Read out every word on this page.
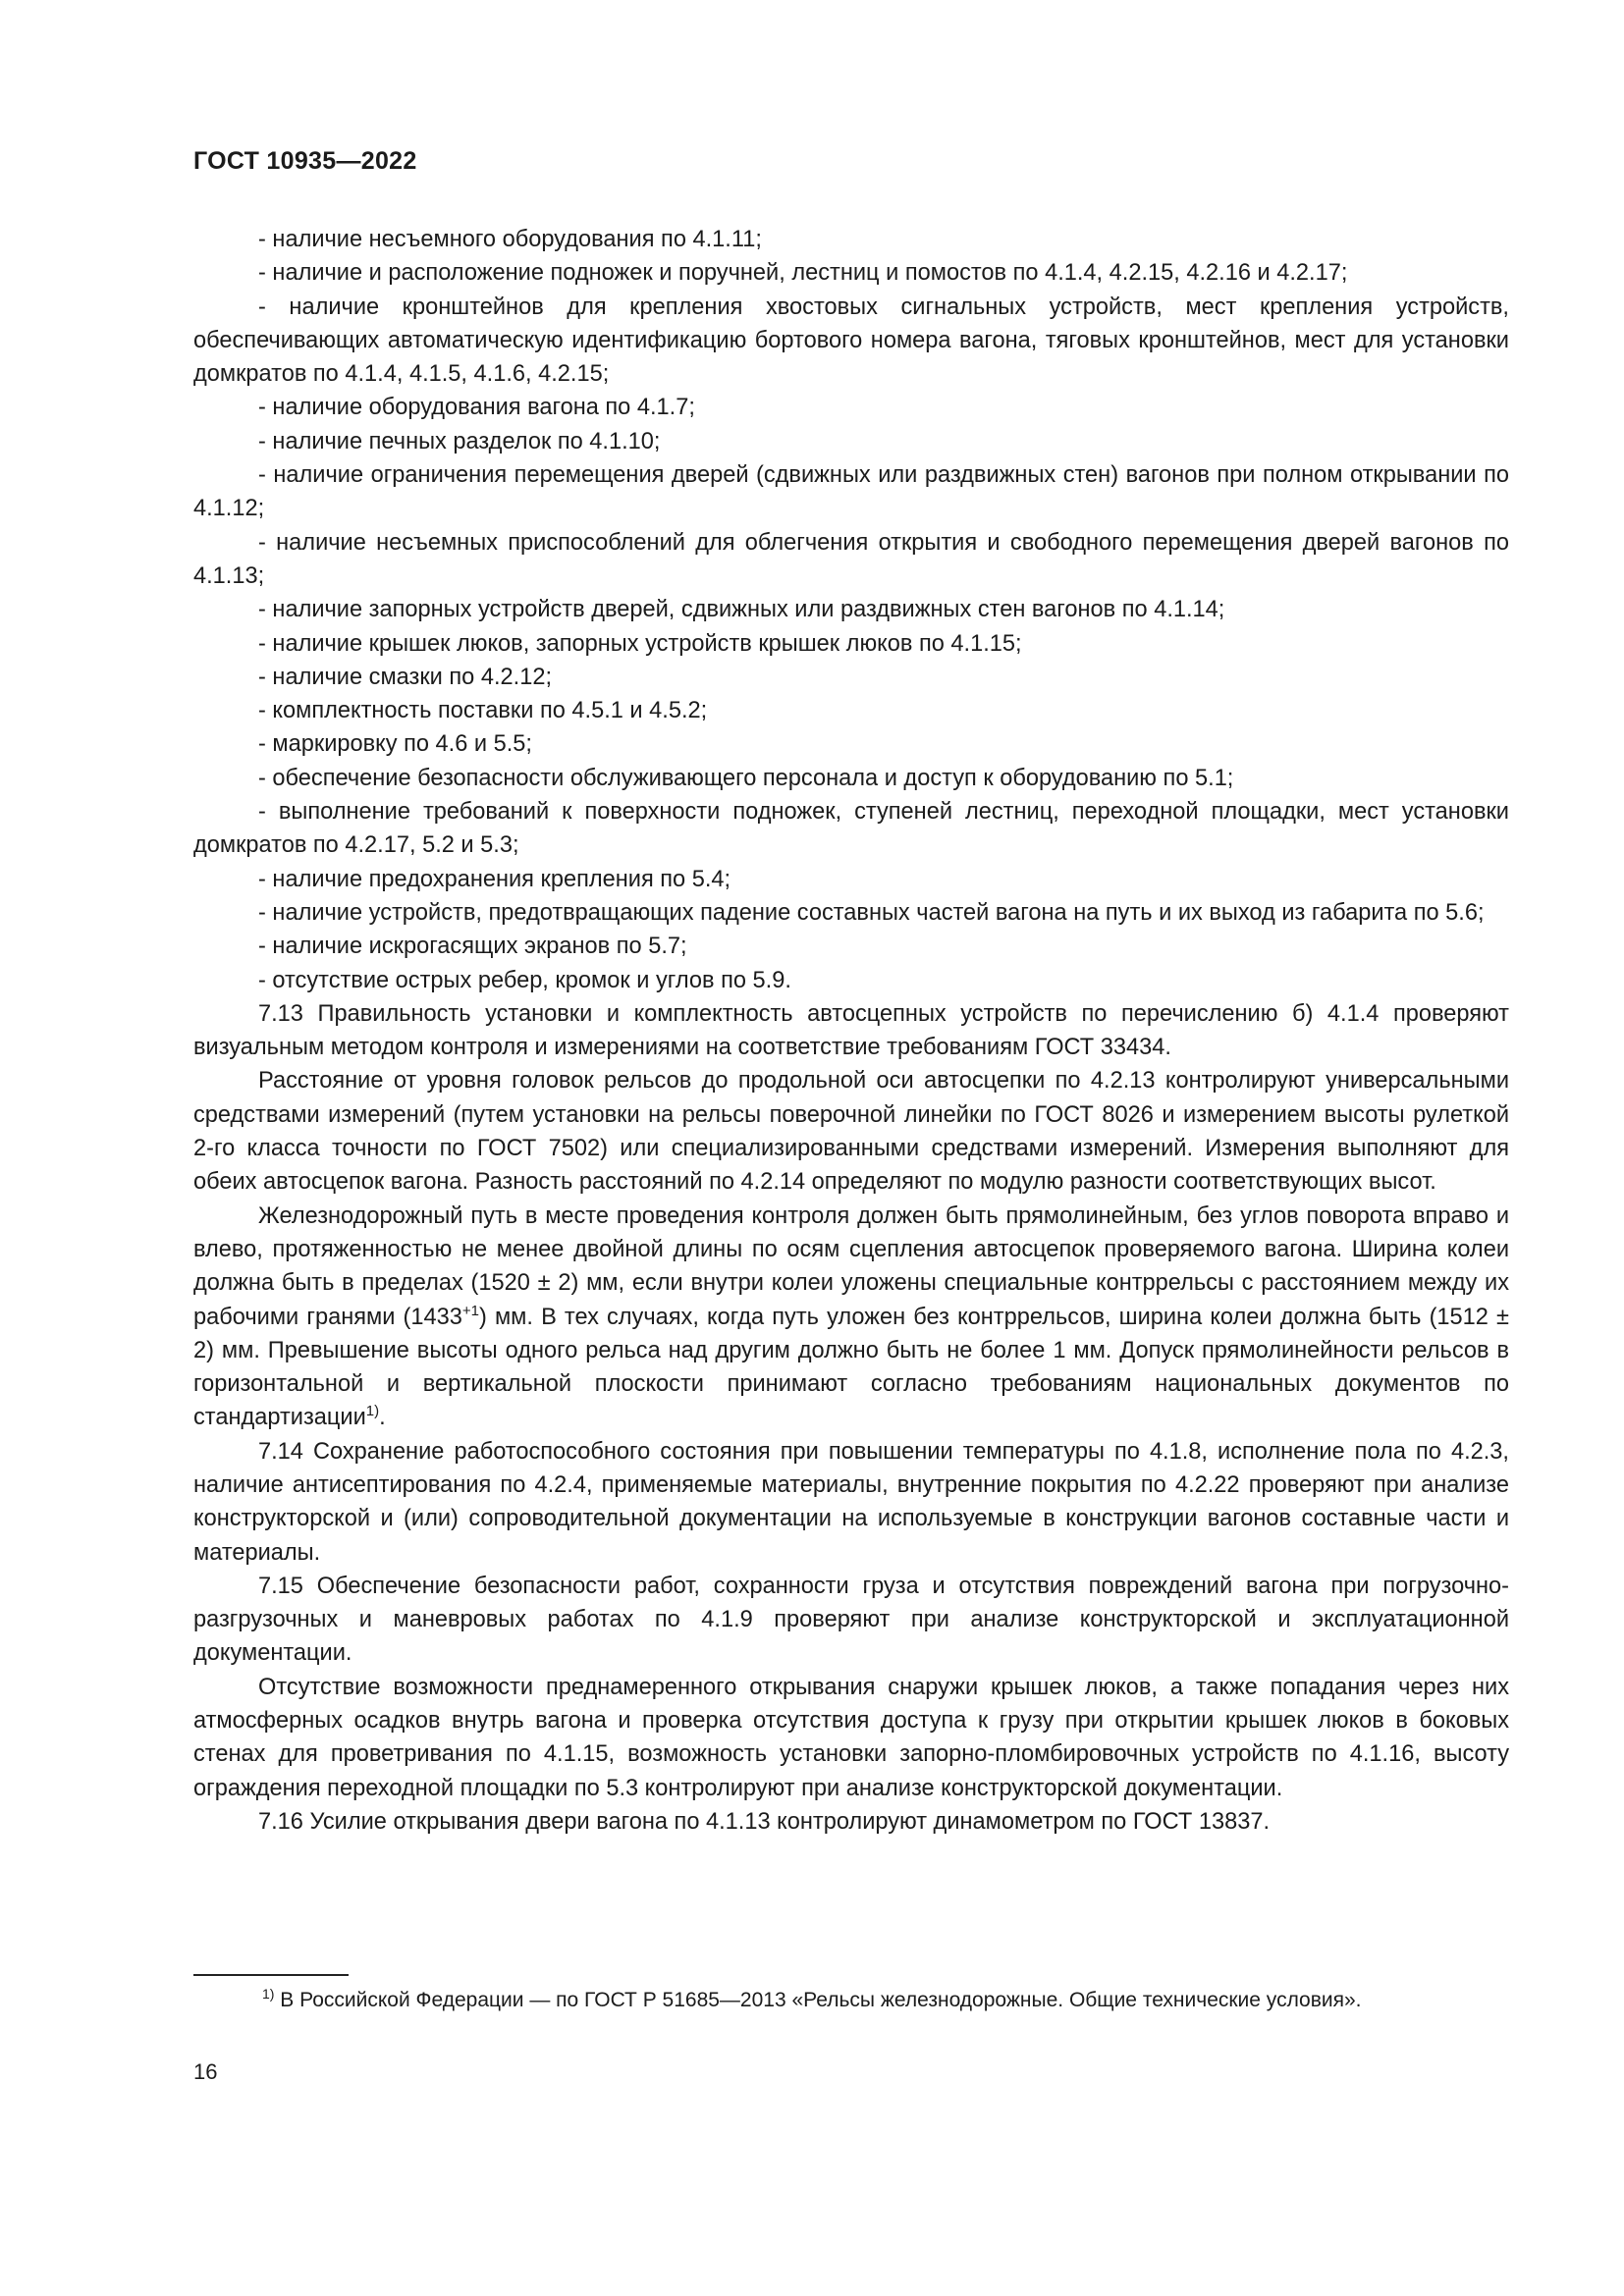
ГОСТ 10935—2022

- наличие несъемного оборудования по 4.1.11;

- наличие и расположение подножек и поручней, лестниц и помостов по 4.1.4, 4.2.15, 4.2.16 и 4.2.17;

- наличие кронштейнов для крепления хвостовых сигнальных устройств, мест крепления устройств, обеспечивающих автоматическую идентификацию бортового номера вагона, тяговых кронштейнов, мест для установки домкратов по 4.1.4, 4.1.5, 4.1.6, 4.2.15;

- наличие оборудования вагона по 4.1.7;

- наличие печных разделок по 4.1.10;

- наличие ограничения перемещения дверей (сдвижных или раздвижных стен) вагонов при полном открывании по 4.1.12;

- наличие несъемных приспособлений для облегчения открытия и свободного перемещения дверей вагонов по 4.1.13;

- наличие запорных устройств дверей, сдвижных или раздвижных стен вагонов по 4.1.14;

- наличие крышек люков, запорных устройств крышек люков по 4.1.15;

- наличие смазки по 4.2.12;

- комплектность поставки по 4.5.1 и 4.5.2;

- маркировку по 4.6 и 5.5;

- обеспечение безопасности обслуживающего персонала и доступ к оборудованию по 5.1;

- выполнение требований к поверхности подножек, ступеней лестниц, переходной площадки, мест установки домкратов по 4.2.17, 5.2 и 5.3;

- наличие предохранения крепления по 5.4;

- наличие устройств, предотвращающих падение составных частей вагона на путь и их выход из габарита по 5.6;

- наличие искрогасящих экранов по 5.7;

- отсутствие острых ребер, кромок и углов по 5.9.

7.13 Правильность установки и комплектность автосцепных устройств по перечислению б) 4.1.4 проверяют визуальным методом контроля и измерениями на соответствие требованиям ГОСТ 33434.

Расстояние от уровня головок рельсов до продольной оси автосцепки по 4.2.13 контролируют универсальными средствами измерений (путем установки на рельсы поверочной линейки по ГОСТ 8026 и измерением высоты рулеткой 2-го класса точности по ГОСТ 7502) или специализированными средствами измерений. Измерения выполняют для обеих автосцепок вагона. Разность расстояний по 4.2.14 определяют по модулю разности соответствующих высот.

Железнодорожный путь в месте проведения контроля должен быть прямолинейным, без углов поворота вправо и влево, протяженностью не менее двойной длины по осям сцепления автосцепок проверяемого вагона. Ширина колеи должна быть в пределах (1520 ± 2) мм, если внутри колеи уложены специальные контррельсы с расстоянием между их рабочими гранями $(1433^{+1})$ мм. В тех случаях, когда путь уложен без контррельсов, ширина колеи должна быть (1512 ± 2) мм. Превышение высоты одного рельса над другим должно быть не более 1 мм. Допуск прямолинейности рельсов в горизонтальной и вертикальной плоскости принимают согласно требованиям национальных документов по стандартизации$^{1)}$.

7.14 Сохранение работоспособного состояния при повышении температуры по 4.1.8, исполнение пола по 4.2.3, наличие антисептирования по 4.2.4, применяемые материалы, внутренние покрытия по 4.2.22 проверяют при анализе конструкторской и (или) сопроводительной документации на используемые в конструкции вагонов составные части и материалы.

7.15 Обеспечение безопасности работ, сохранности груза и отсутствия повреждений вагона при погрузочно-разгрузочных и маневровых работах по 4.1.9 проверяют при анализе конструкторской и эксплуатационной документации.

Отсутствие возможности преднамеренного открывания снаружи крышек люков, а также попадания через них атмосферных осадков внутрь вагона и проверка отсутствия доступа к грузу при открытии крышек люков в боковых стенах для проветривания по 4.1.15, возможность установки запорно-пломбировочных устройств по 4.1.16, высоту ограждения переходной площадки по 5.3 контролируют при анализе конструкторской документации.

7.16 Усилие открывания двери вагона по 4.1.13 контролируют динамометром по ГОСТ 13837.

$^{1)}$ В Российской Федерации — по ГОСТ Р 51685—2013 «Рельсы железнодорожные. Общие технические условия».
16
